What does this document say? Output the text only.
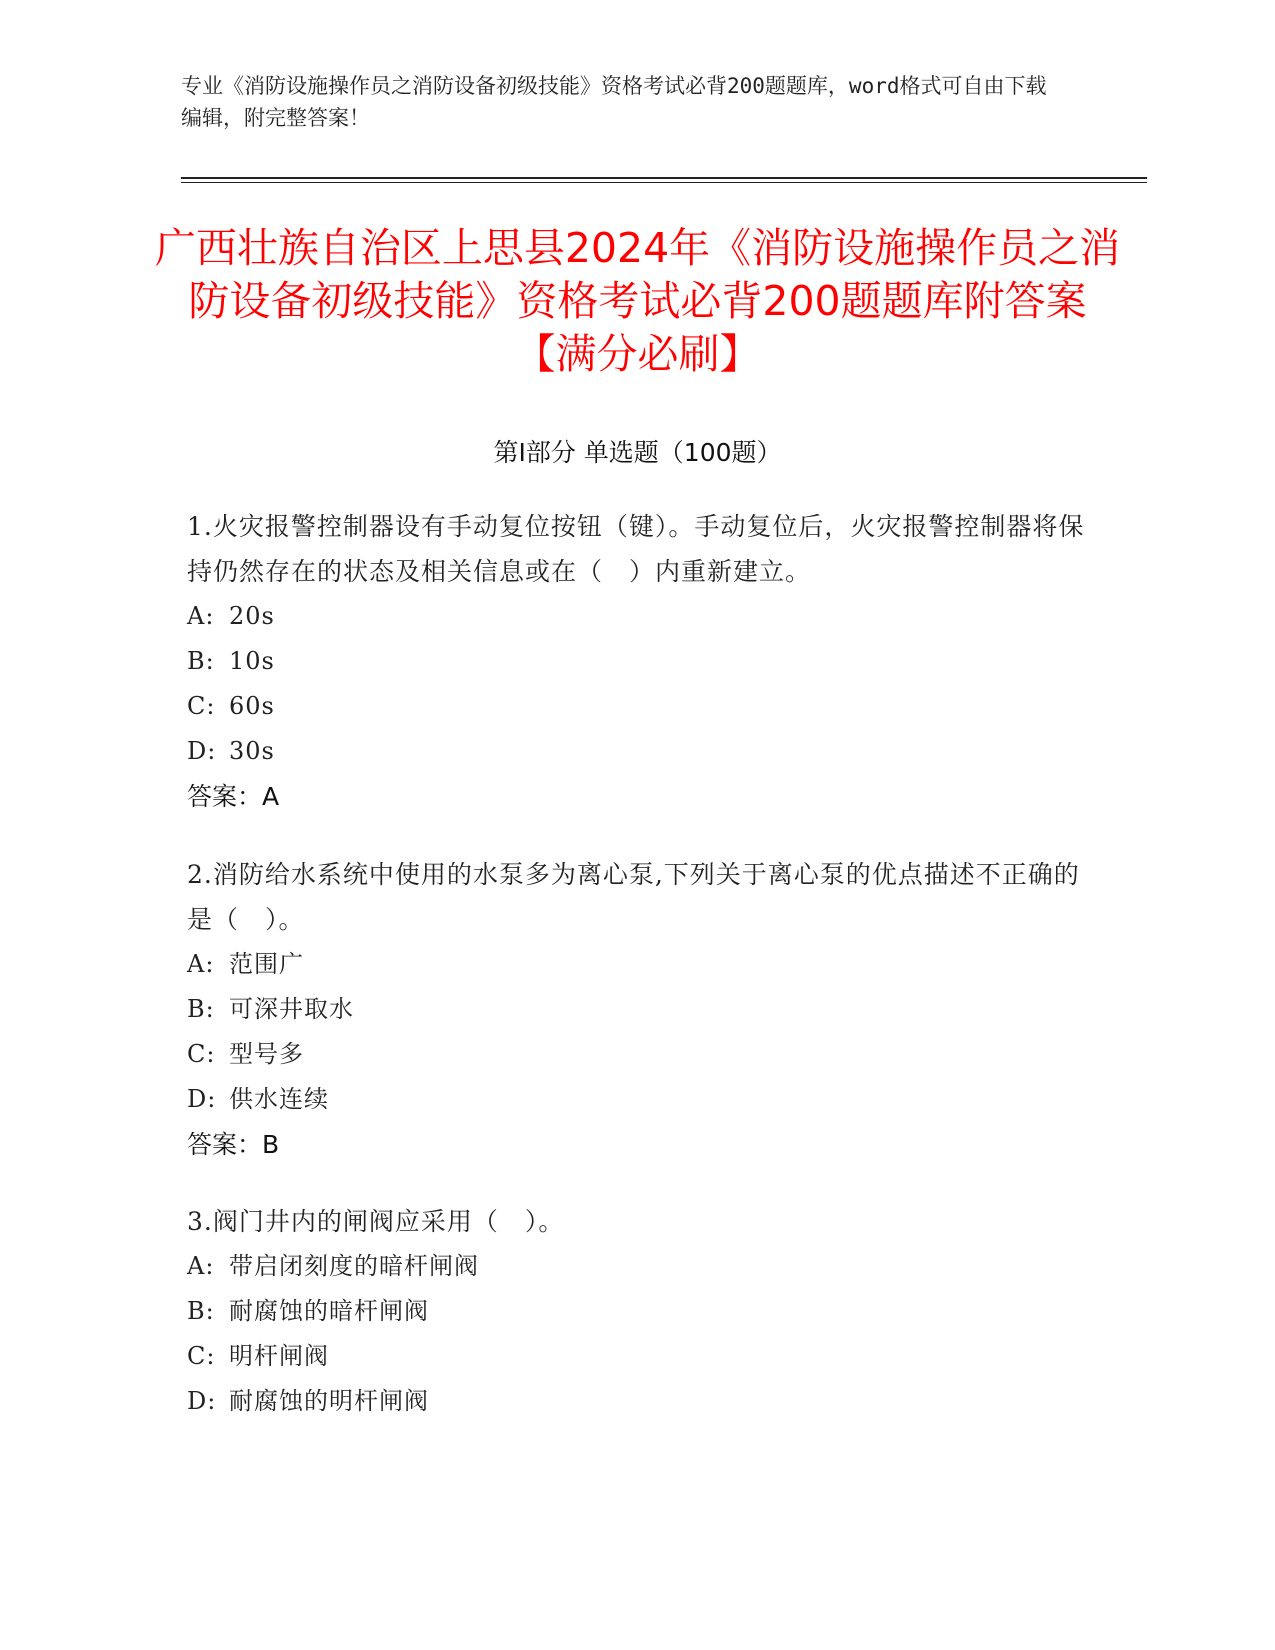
专业《消防设施操作员之消防设备初级技能》资格考试必背200题题库，word格式可自由下载编辑，附完整答案！
广西壮族自治区上思县2024年《消防设施操作员之消防设备初级技能》资格考试必背200题题库附答案【满分必刷】
第I部分 单选题（100题）
1.火灾报警控制器设有手动复位按钮（键）。手动复位后，火灾报警控制器将保持仍然存在的状态及相关信息或在（　）内重新建立。
A: 20s
B: 10s
C: 60s
D: 30s
答案：A
2.消防给水系统中使用的水泵多为离心泵,下列关于离心泵的优点描述不正确的是（　）。
A: 范围广
B: 可深井取水
C: 型号多
D: 供水连续
答案：B
3.阀门井内的闸阀应采用（　）。
A: 带启闭刻度的暗杆闸阀
B: 耐腐蚀的暗杆闸阀
C: 明杆闸阀
D: 耐腐蚀的明杆闸阀
